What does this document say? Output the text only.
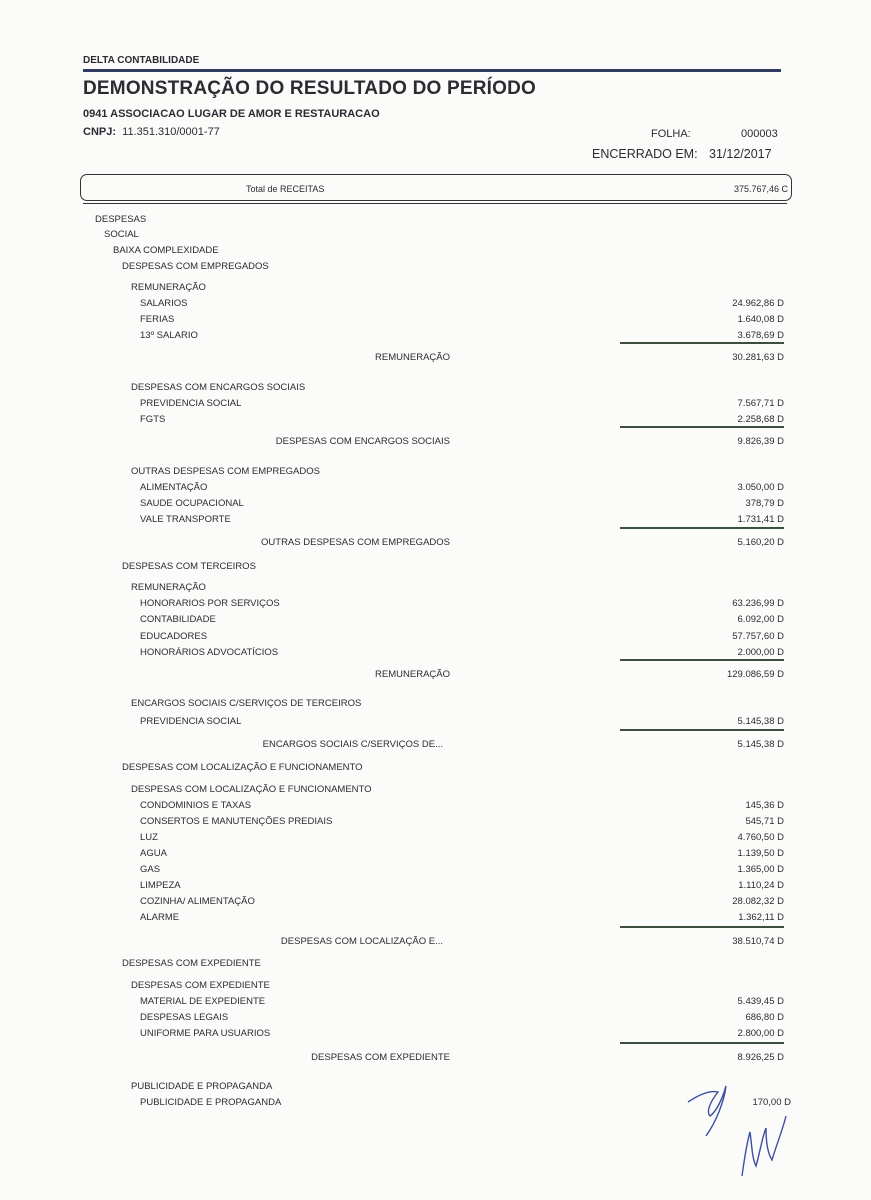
DELTA CONTABILIDADE
DEMONSTRAÇÃO DO RESULTADO DO PERÍODO
0941 ASSOCIACAO LUGAR DE AMOR E RESTAURACAO
CNPJ: 11.351.310/0001-77	FOLHA:	000003
ENCERRADO EM: 31/12/2017
Total de RECEITAS	375.767,46 C
DESPESAS
SOCIAL
BAIXA COMPLEXIDADE
DESPESAS COM EMPREGADOS
REMUNERAÇÃO
SALARIOS	24.962,86 D
FERIAS	1.640,08 D
13º SALARIO	3.678,69 D
REMUNERAÇÃO	30.281,63 D
DESPESAS COM ENCARGOS SOCIAIS
PREVIDENCIA SOCIAL	7.567,71 D
FGTS	2.258,68 D
DESPESAS COM ENCARGOS SOCIAIS	9.826,39 D
OUTRAS DESPESAS COM EMPREGADOS
ALIMENTAÇÃO	3.050,00 D
SAUDE OCUPACIONAL	378,79 D
VALE TRANSPORTE	1.731,41 D
OUTRAS DESPESAS COM EMPREGADOS	5.160,20 D
DESPESAS COM TERCEIROS
REMUNERAÇÃO
HONORARIOS POR SERVIÇOS	63.236,99 D
CONTABILIDADE	6.092,00 D
EDUCADORES	57.757,60 D
HONORÁRIOS ADVOCATÍCIOS	2.000,00 D
REMUNERAÇÃO	129.086,59 D
ENCARGOS SOCIAIS C/SERVIÇOS DE TERCEIROS
PREVIDENCIA SOCIAL	5.145,38 D
ENCARGOS SOCIAIS C/SERVIÇOS DE...	5.145,38 D
DESPESAS COM LOCALIZAÇÃO E FUNCIONAMENTO
DESPESAS COM LOCALIZAÇÃO E FUNCIONAMENTO
CONDOMINIOS E TAXAS	145,36 D
CONSERTOS E MANUTENÇÕES PREDIAIS	545,71 D
LUZ	4.760,50 D
AGUA	1.139,50 D
GAS	1.365,00 D
LIMPEZA	1.110,24 D
COZINHA/ ALIMENTAÇÃO	28.082,32 D
ALARME	1.362,11 D
DESPESAS COM LOCALIZAÇÃO E...	38.510,74 D
DESPESAS COM EXPEDIENTE
DESPESAS COM EXPEDIENTE
MATERIAL DE EXPEDIENTE	5.439,45 D
DESPESAS LEGAIS	686,80 D
UNIFORME PARA USUARIOS	2.800,00 D
DESPESAS COM EXPEDIENTE	8.926,25 D
PUBLICIDADE E PROPAGANDA
PUBLICIDADE E PROPAGANDA	170,00 D
